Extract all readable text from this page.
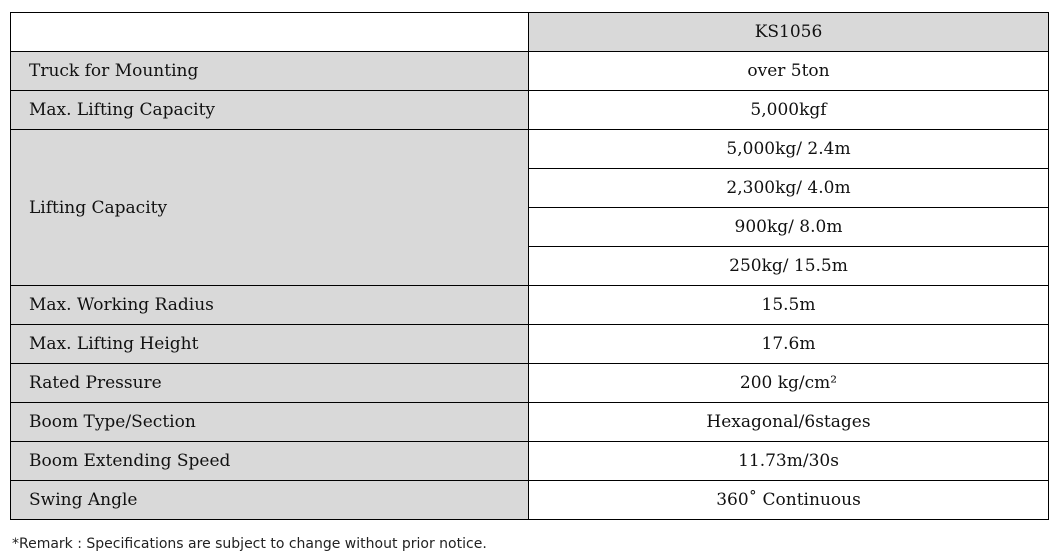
	KS1056
Truck for Mounting	over 5ton
Max. Lifting Capacity	5,000kgf
Lifting Capacity	5,000kg/ 2.4m
	2,300kg/ 4.0m
	900kg/ 8.0m
	250kg/ 15.5m
Max. Working Radius	15.5m
Max. Lifting Height	17.6m
Rated Pressure	200 kg/cm²
Boom Type/Section	Hexagonal/6stages
Boom Extending Speed	11.73m/30s
Swing Angle	360˚ Continuous
*Remark : Specifications are subject to change without prior notice.
